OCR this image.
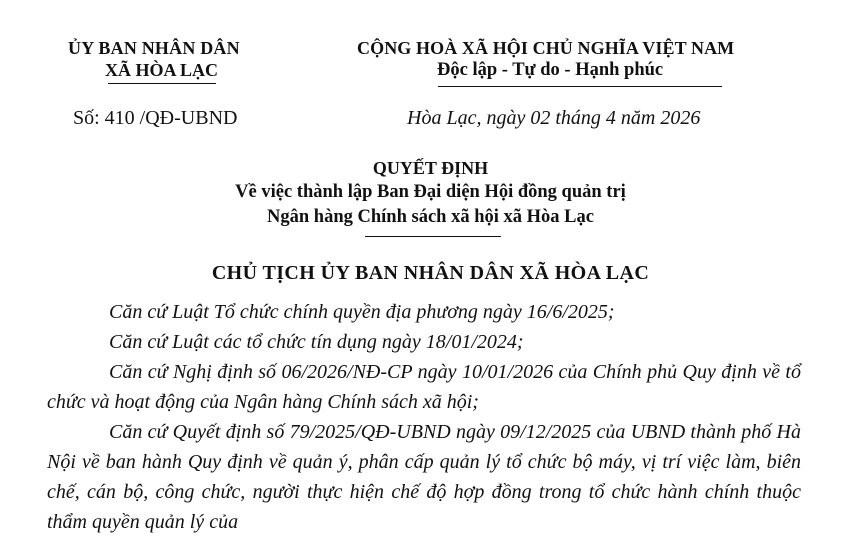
ỦY BAN NHÂN DÂN
XÃ HÒA LẠC
CỘNG HOÀ XÃ HỘI CHỦ NGHĨA VIỆT NAM
Độc lập - Tự do - Hạnh phúc
Số: 410 /QĐ-UBND	Hòa Lạc, ngày 02 tháng 4 năm 2026
QUYẾT ĐỊNH
Về việc thành lập Ban Đại diện Hội đồng quản trị
Ngân hàng Chính sách xã hội xã Hòa Lạc
CHỦ TỊCH ỦY BAN NHÂN DÂN XÃ HÒA LẠC

Căn cứ Luật Tổ chức chính quyền địa phương ngày 16/6/2025;

Căn cứ Luật các tổ chức tín dụng ngày 18/01/2024;

Căn cứ Nghị định số 06/2026/NĐ-CP ngày 10/01/2026 của Chính phủ Quy định về tổ chức và hoạt động của Ngân hàng Chính sách xã hội;

Căn cứ Quyết định số 79/2025/QĐ-UBND ngày 09/12/2025 của UBND thành phố Hà Nội về ban hành Quy định về quản ý, phân cấp quản lý tổ chức bộ máy, vị trí việc làm, biên chế, cán bộ, công chức, người thực hiện chế độ hợp đồng trong tổ chức hành chính thuộc thẩm quyền quản lý của
